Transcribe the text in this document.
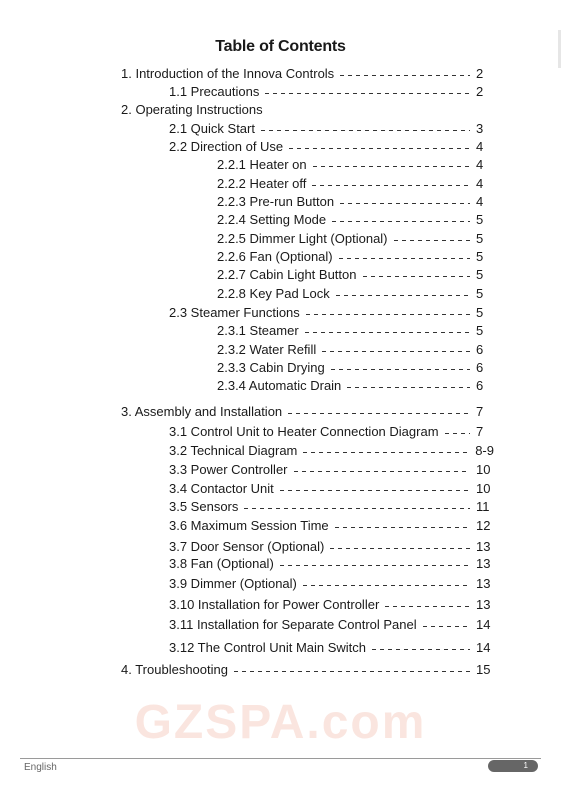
Table of Contents
1. Introduction of the Innova Controls	2
1.1 Precautions	2
2. Operating Instructions
2.1 Quick Start	3
2.2 Direction of Use	4
2.2.1 Heater on	4
2.2.2 Heater off	4
2.2.3 Pre-run Button	4
2.2.4 Setting Mode	5
2.2.5 Dimmer Light (Optional)	5
2.2.6 Fan (Optional)	5
2.2.7 Cabin Light Button	5
2.2.8 Key Pad Lock	5
2.3 Steamer Functions	5
2.3.1 Steamer	5
2.3.2 Water Refill	6
2.3.3 Cabin Drying	6
2.3.4 Automatic Drain	6
3. Assembly and Installation	7
3.1 Control Unit to Heater Connection Diagram	7
3.2 Technical Diagram	8-9
3.3 Power Controller	10
3.4 Contactor Unit	10
3.5 Sensors	11
3.6 Maximum Session Time	12
3.7 Door Sensor (Optional)	13
3.8 Fan (Optional)	13
3.9 Dimmer (Optional)	13
3.10 Installation for Power Controller	13
3.11 Installation for Separate Control Panel	14
3.12 The Control Unit Main Switch	14
4. Troubleshooting	15
GZSPA.com
English	1
